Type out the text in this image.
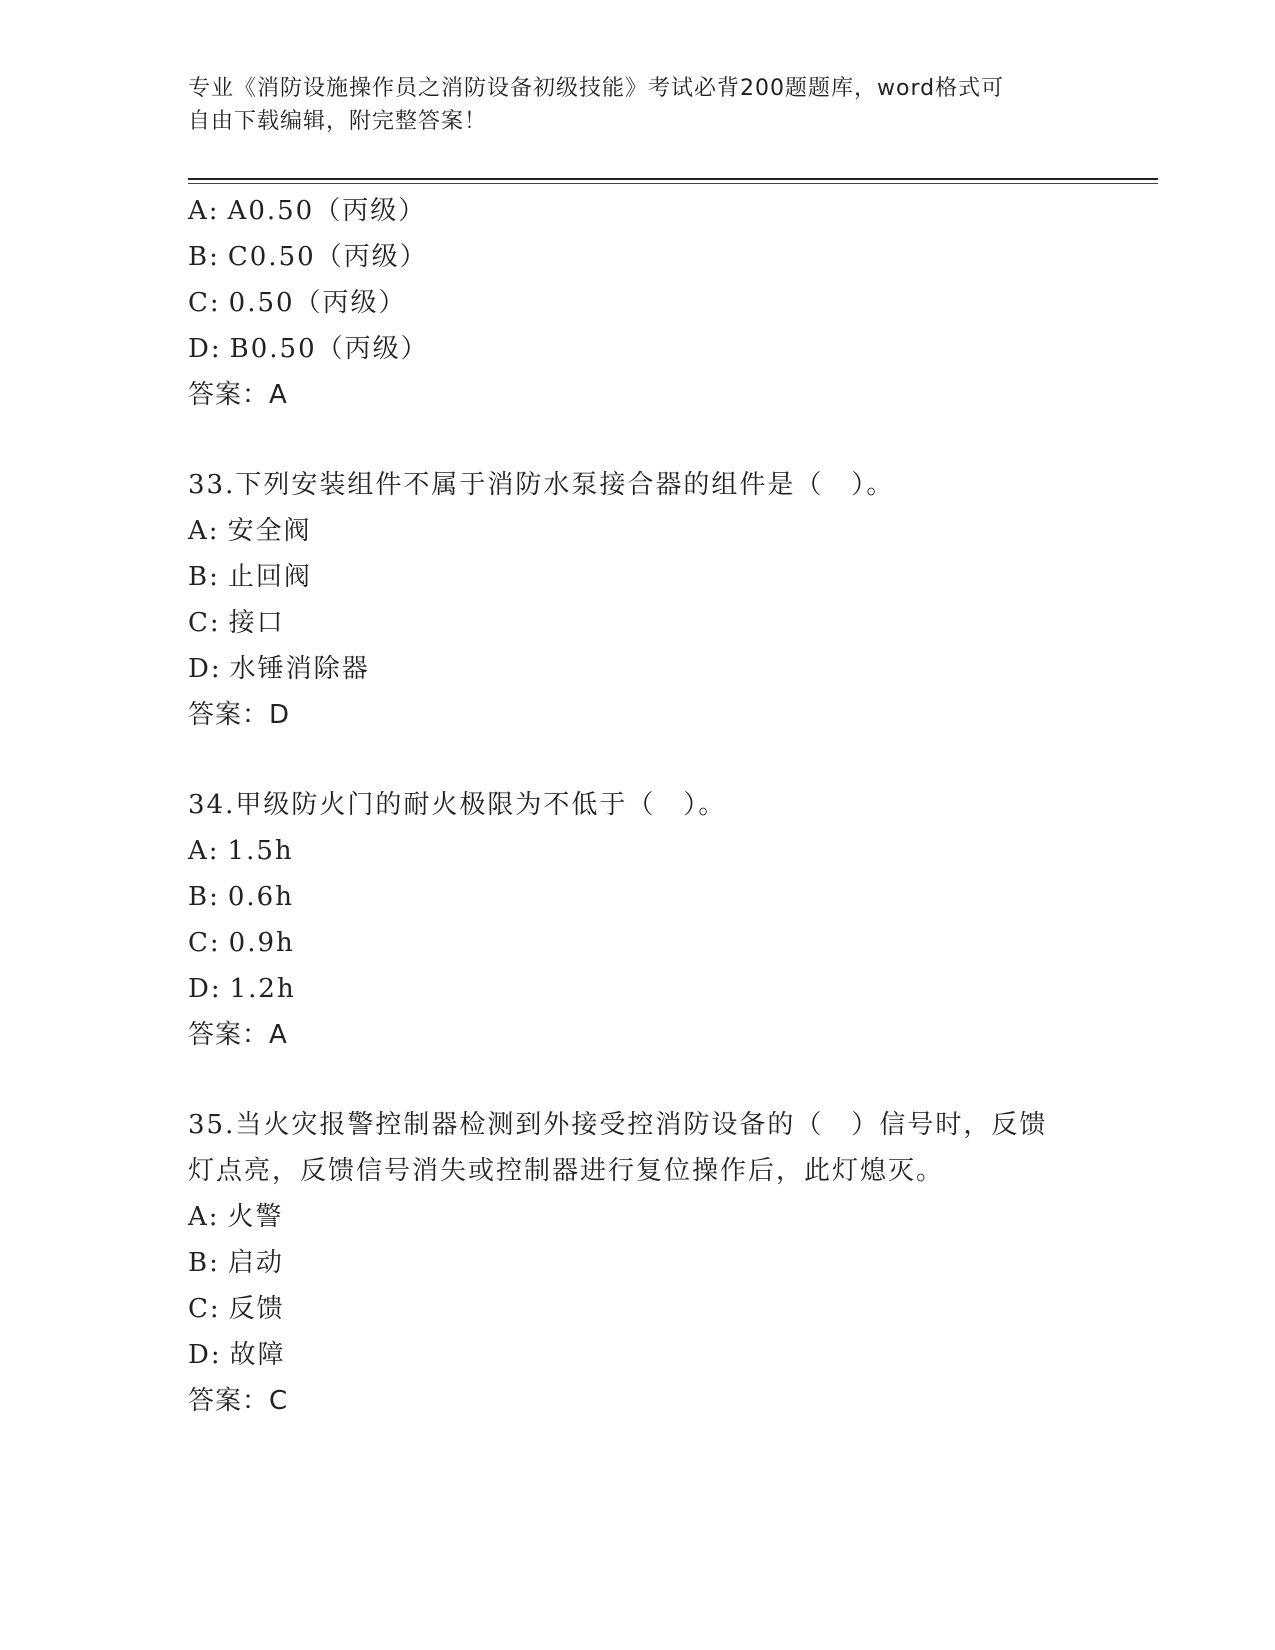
专业《消防设施操作员之消防设备初级技能》考试必背200题题库，word格式可
自由下载编辑，附完整答案！
A: A0.50（丙级）
B: C0.50（丙级）
C: 0.50（丙级）
D: B0.50（丙级）
答案：A
33.下列安装组件不属于消防水泵接合器的组件是（　）。
A: 安全阀
B: 止回阀
C: 接口
D: 水锤消除器
答案：D
34.甲级防火门的耐火极限为不低于（　）。
A: 1.5h
B: 0.6h
C: 0.9h
D: 1.2h
答案：A
35.当火灾报警控制器检测到外接受控消防设备的（　）信号时，反馈
灯点亮，反馈信号消失或控制器进行复位操作后，此灯熄灭。
A: 火警
B: 启动
C: 反馈
D: 故障
答案：C
